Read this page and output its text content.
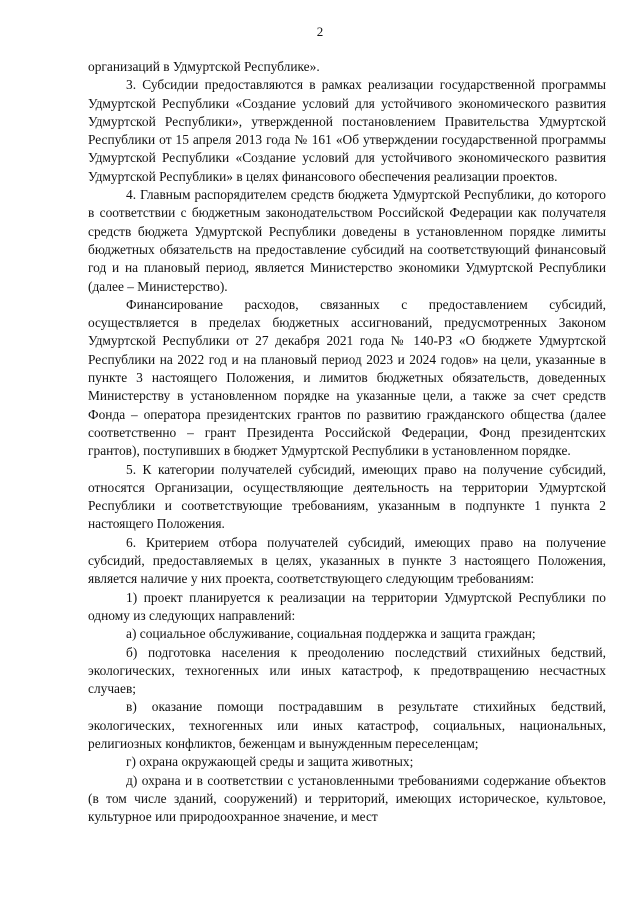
2

организаций в Удмуртской Республике».

3. Субсидии предоставляются в рамках реализации государственной программы Удмуртской Республики «Создание условий для устойчивого экономического развития Удмуртской Республики», утвержденной постановлением Правительства Удмуртской Республики от 15 апреля 2013 года № 161 «Об утверждении государственной программы Удмуртской Республики «Создание условий для устойчивого экономического развития Удмуртской Республики» в целях финансового обеспечения реализации проектов.

4. Главным распорядителем средств бюджета Удмуртской Республики, до которого в соответствии с бюджетным законодательством Российской Федерации как получателя средств бюджета Удмуртской Республики доведены в установленном порядке лимиты бюджетных обязательств на предоставление субсидий на соответствующий финансовый год и на плановый период, является Министерство экономики Удмуртской Республики (далее – Министерство).

Финансирование расходов, связанных с предоставлением субсидий, осуществляется в пределах бюджетных ассигнований, предусмотренных Законом Удмуртской Республики от 27 декабря 2021 года № 140-РЗ «О бюджете Удмуртской Республики на 2022 год и на плановый период 2023 и 2024 годов» на цели, указанные в пункте 3 настоящего Положения, и лимитов бюджетных обязательств, доведенных Министерству в установленном порядке на указанные цели, а также за счет средств Фонда – оператора президентских грантов по развитию гражданского общества (далее соответственно – грант Президента Российской Федерации, Фонд президентских грантов), поступивших в бюджет Удмуртской Республики в установленном порядке.

5. К категории получателей субсидий, имеющих право на получение субсидий, относятся Организации, осуществляющие деятельность на территории Удмуртской Республики и соответствующие требованиям, указанным в подпункте 1 пункта 2 настоящего Положения.

6. Критерием отбора получателей субсидий, имеющих право на получение субсидий, предоставляемых в целях, указанных в пункте 3 настоящего Положения, является наличие у них проекта, соответствующего следующим требованиям:

1) проект планируется к реализации на территории Удмуртской Республики по одному из следующих направлений:

а) социальное обслуживание, социальная поддержка и защита граждан;

б) подготовка населения к преодолению последствий стихийных бедствий, экологических, техногенных или иных катастроф, к предотвращению несчастных случаев;

в) оказание помощи пострадавшим в результате стихийных бедствий, экологических, техногенных или иных катастроф, социальных, национальных, религиозных конфликтов, беженцам и вынужденным переселенцам;

г) охрана окружающей среды и защита животных;

д) охрана и в соответствии с установленными требованиями содержание объектов (в том числе зданий, сооружений) и территорий, имеющих историческое, культовое, культурное или природоохранное значение, и мест
